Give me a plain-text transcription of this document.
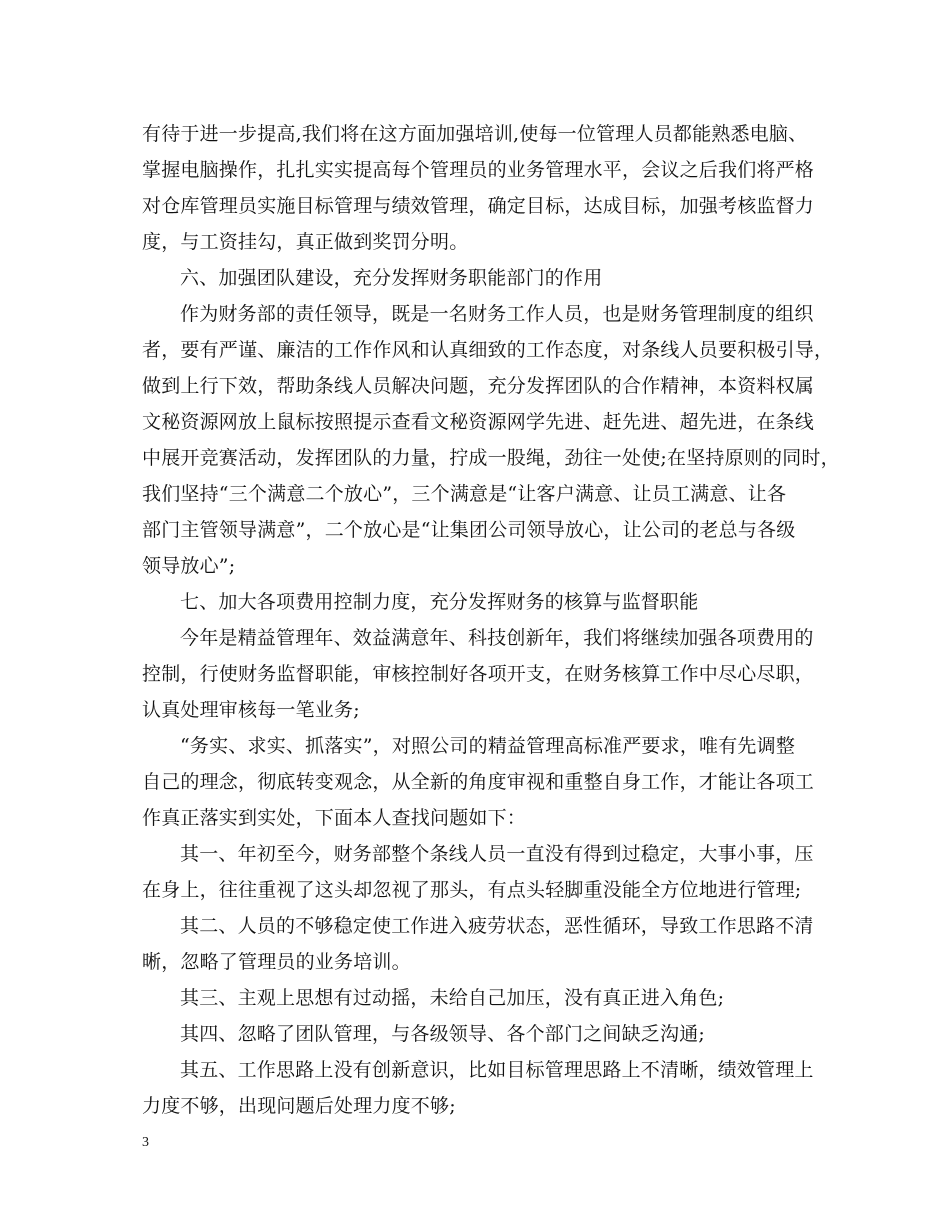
有待于进一步提高,我们将在这方面加强培训,使每一位管理人员都能熟悉电脑、
掌握电脑操作，扎扎实实提高每个管理员的业务管理水平，会议之后我们将严格
对仓库管理员实施目标管理与绩效管理，确定目标，达成目标，加强考核监督力
度，与工资挂勾，真正做到奖罚分明。
六、加强团队建设，充分发挥财务职能部门的作用
作为财务部的责任领导，既是一名财务工作人员，也是财务管理制度的组织
者，要有严谨、廉洁的工作作风和认真细致的工作态度，对条线人员要积极引导，
做到上行下效，帮助条线人员解决问题，充分发挥团队的合作精神，本资料权属
文秘资源网放上鼠标按照提示查看文秘资源网学先进、赶先进、超先进，在条线
中展开竞赛活动，发挥团队的力量，拧成一股绳，劲往一处使;在坚持原则的同时，
我们坚持“三个满意二个放心”，三个满意是“让客户满意、让员工满意、让各
部门主管领导满意”，二个放心是“让集团公司领导放心，让公司的老总与各级
领导放心”;
七、加大各项费用控制力度，充分发挥财务的核算与监督职能
今年是精益管理年、效益满意年、科技创新年，我们将继续加强各项费用的
控制，行使财务监督职能，审核控制好各项开支，在财务核算工作中尽心尽职，
认真处理审核每一笔业务;
“务实、求实、抓落实”，对照公司的精益管理高标准严要求，唯有先调整
自己的理念，彻底转变观念，从全新的角度审视和重整自身工作，才能让各项工
作真正落实到实处，下面本人查找问题如下：
其一、年初至今，财务部整个条线人员一直没有得到过稳定，大事小事，压
在身上，往往重视了这头却忽视了那头，有点头轻脚重没能全方位地进行管理;
其二、人员的不够稳定使工作进入疲劳状态，恶性循环，导致工作思路不清
晰，忽略了管理员的业务培训。
其三、主观上思想有过动摇，未给自己加压，没有真正进入角色;
其四、忽略了团队管理，与各级领导、各个部门之间缺乏沟通;
其五、工作思路上没有创新意识，比如目标管理思路上不清晰，绩效管理上
力度不够，出现问题后处理力度不够;
3
